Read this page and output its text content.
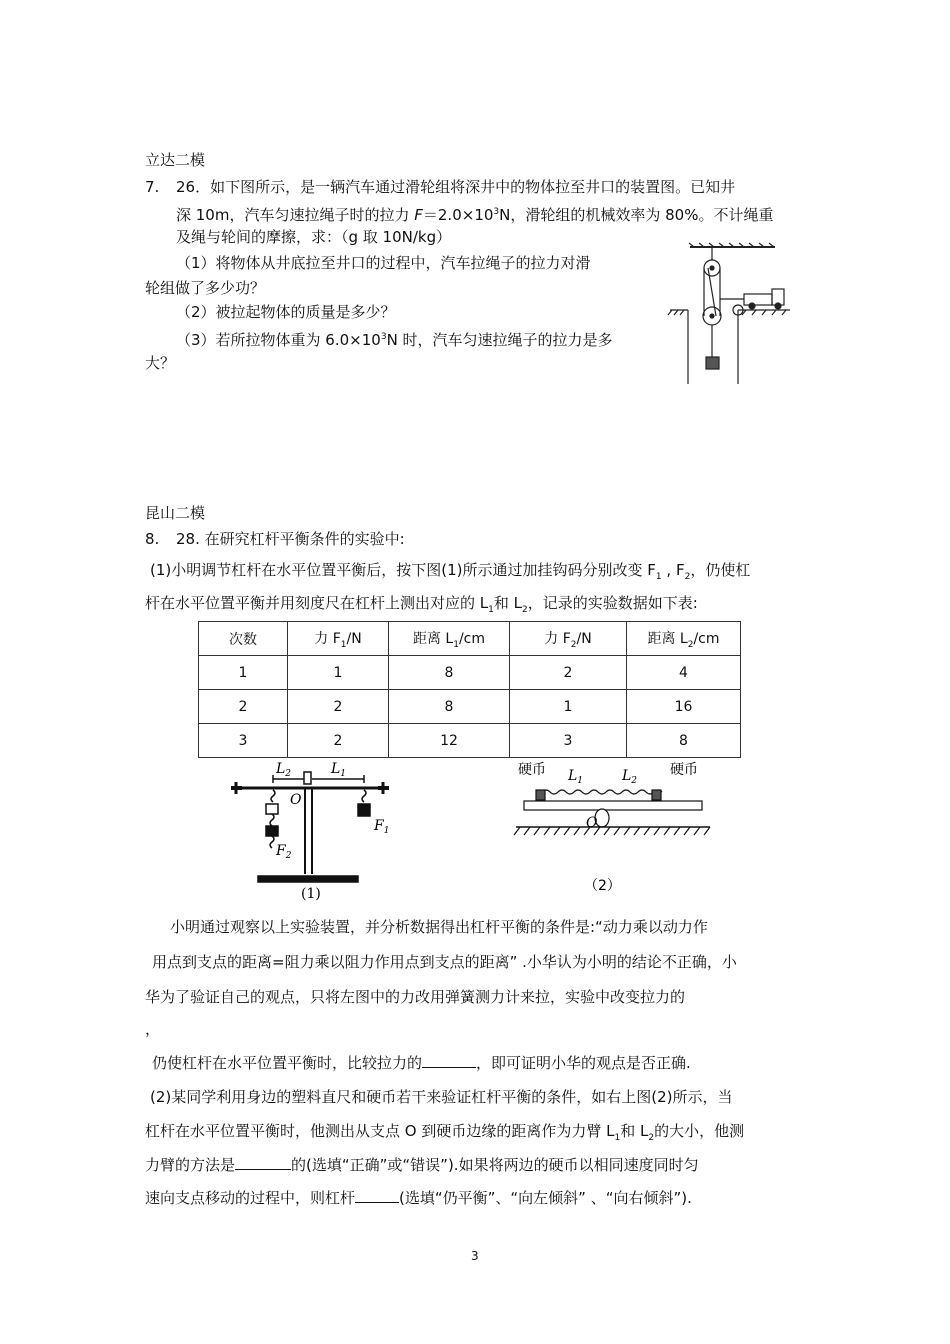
立达二模
7. 26．如下图所示，是一辆汽车通过滑轮组将深井中的物体拉至井口的装置图。已知井
深 10m，汽车匀速拉绳子时的拉力 $F=2.0\times 10^3N$，滑轮组的机械效率为 80%。不计绳重
及绳与轮间的摩擦，求：（g 取 10N/kg）
（1）将物体从井底拉至井口的过程中，汽车拉绳子的拉力对滑
轮组做了多少功？
（2）被拉起物体的质量是多少？
（3）若所拉物体重为 $6.0\times 10^3N$ 时，汽车匀速拉绳子的拉力是多
大？
昆山二模
8. 28. 在研究杠杆平衡条件的实验中:
(1)小明调节杠杆在水平位置平衡后，按下图(1)所示通过加挂钩码分别改变 $F_1$ , $F_2$，仍使杠
杆在水平位置平衡并用刻度尺在杠杆上测出对应的 $L_1$和 $L_2$，记录的实验数据如下表:
次数	力 $F_1/N$	距离 $L_1/cm$	力 $F_2/N$	距离 $L_2/cm$
1	1	8	2	4
2	2	8	1	16
3	2	12	3	8
$L_2$	$L_1$
O
$F_1$
$F_2$
(1)
硬币	硬币
$L_1$	$L_2$
O
（2）
小明通过观察以上实验装置，并分析数据得出杠杆平衡的条件是:“动力乘以动力作
用点到支点的距离=阻力乘以阻力作用点到支点的距离” .小华认为小明的结论不正确，小
华为了验证自己的观点，只将左图中的力改用弹簧测力计来拉，实验中改变拉力的
，
仍使杠杆在水平位置平衡时，比较拉力的	，即可证明小华的观点是否正确.
(2)某同学利用身边的塑料直尺和硬币若干来验证杠杆平衡的条件，如右上图(2)所示，当
杠杆在水平位置平衡时，他测出从支点 O 到硬币边缘的距离作为力臂 $L_1$和 $L_2$的大小，他测
力臂的方法是	的(选填“正确”或“错误”).如果将两边的硬币以相同速度同时匀
速向支点移动的过程中，则杠杆	(选填“仍平衡”、“向左倾斜” 、“向右倾斜”).
3
